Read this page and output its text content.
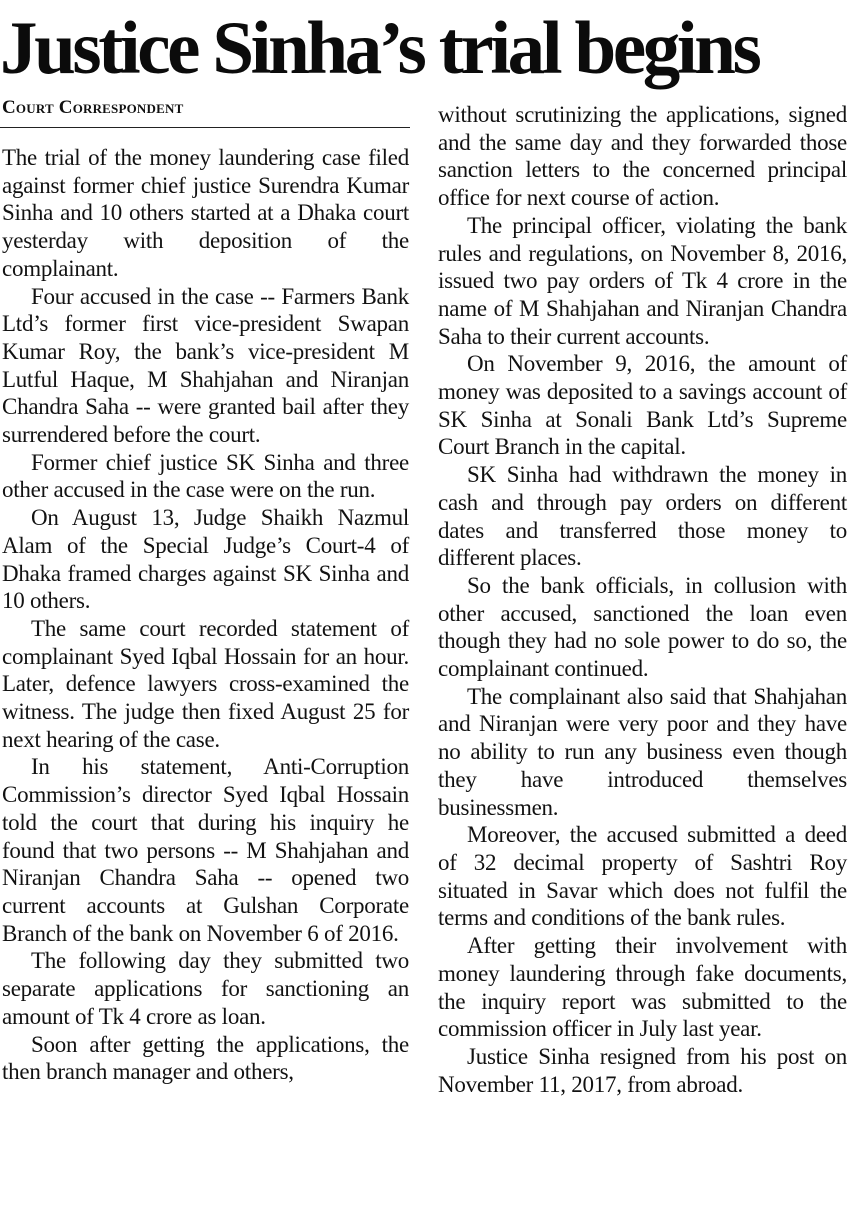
Justice Sinha’s trial begins
Court Correspondent

The trial of the money laundering case filed against former chief justice Surendra Kumar Sinha and 10 others started at a Dhaka court yesterday with deposition of the complainant.

Four accused in the case -- Farmers Bank Ltd’s former first vice-president Swapan Kumar Roy, the bank’s vice-president M Lutful Haque, M Shahjahan and Niranjan Chandra Saha -- were granted bail after they surrendered before the court.

Former chief justice SK Sinha and three other accused in the case were on the run.

On August 13, Judge Shaikh Nazmul Alam of the Special Judge’s Court-4 of Dhaka framed charges against SK Sinha and 10 others.

The same court recorded statement of complainant Syed Iqbal Hossain for an hour. Later, defence lawyers cross-examined the witness. The judge then fixed August 25 for next hearing of the case.

In his statement, Anti-Corruption Commission’s director Syed Iqbal Hossain told the court that during his inquiry he found that two persons -- M Shahjahan and Niranjan Chandra Saha -- opened two current accounts at Gulshan Corporate Branch of the bank on November 6 of 2016.

The following day they submitted two separate applications for sanctioning an amount of Tk 4 crore as loan.

Soon after getting the applications, the then branch manager and others,

without scrutinizing the applications, signed and the same day and they forwarded those sanction letters to the concerned principal office for next course of action.

The principal officer, violating the bank rules and regulations, on November 8, 2016, issued two pay orders of Tk 4 crore in the name of M Shahjahan and Niranjan Chandra Saha to their current accounts.

On November 9, 2016, the amount of money was deposited to a savings account of SK Sinha at Sonali Bank Ltd’s Supreme Court Branch in the capital.

SK Sinha had withdrawn the money in cash and through pay orders on different dates and transferred those money to different places.

So the bank officials, in collusion with other accused, sanctioned the loan even though they had no sole power to do so, the complainant continued.

The complainant also said that Shahjahan and Niranjan were very poor and they have no ability to run any business even though they have introduced themselves businessmen.

Moreover, the accused submitted a deed of 32 decimal property of Sashtri Roy situated in Savar which does not fulfil the terms and conditions of the bank rules.

After getting their involvement with money laundering through fake documents, the inquiry report was submitted to the commission officer in July last year.

Justice Sinha resigned from his post on November 11, 2017, from abroad.
